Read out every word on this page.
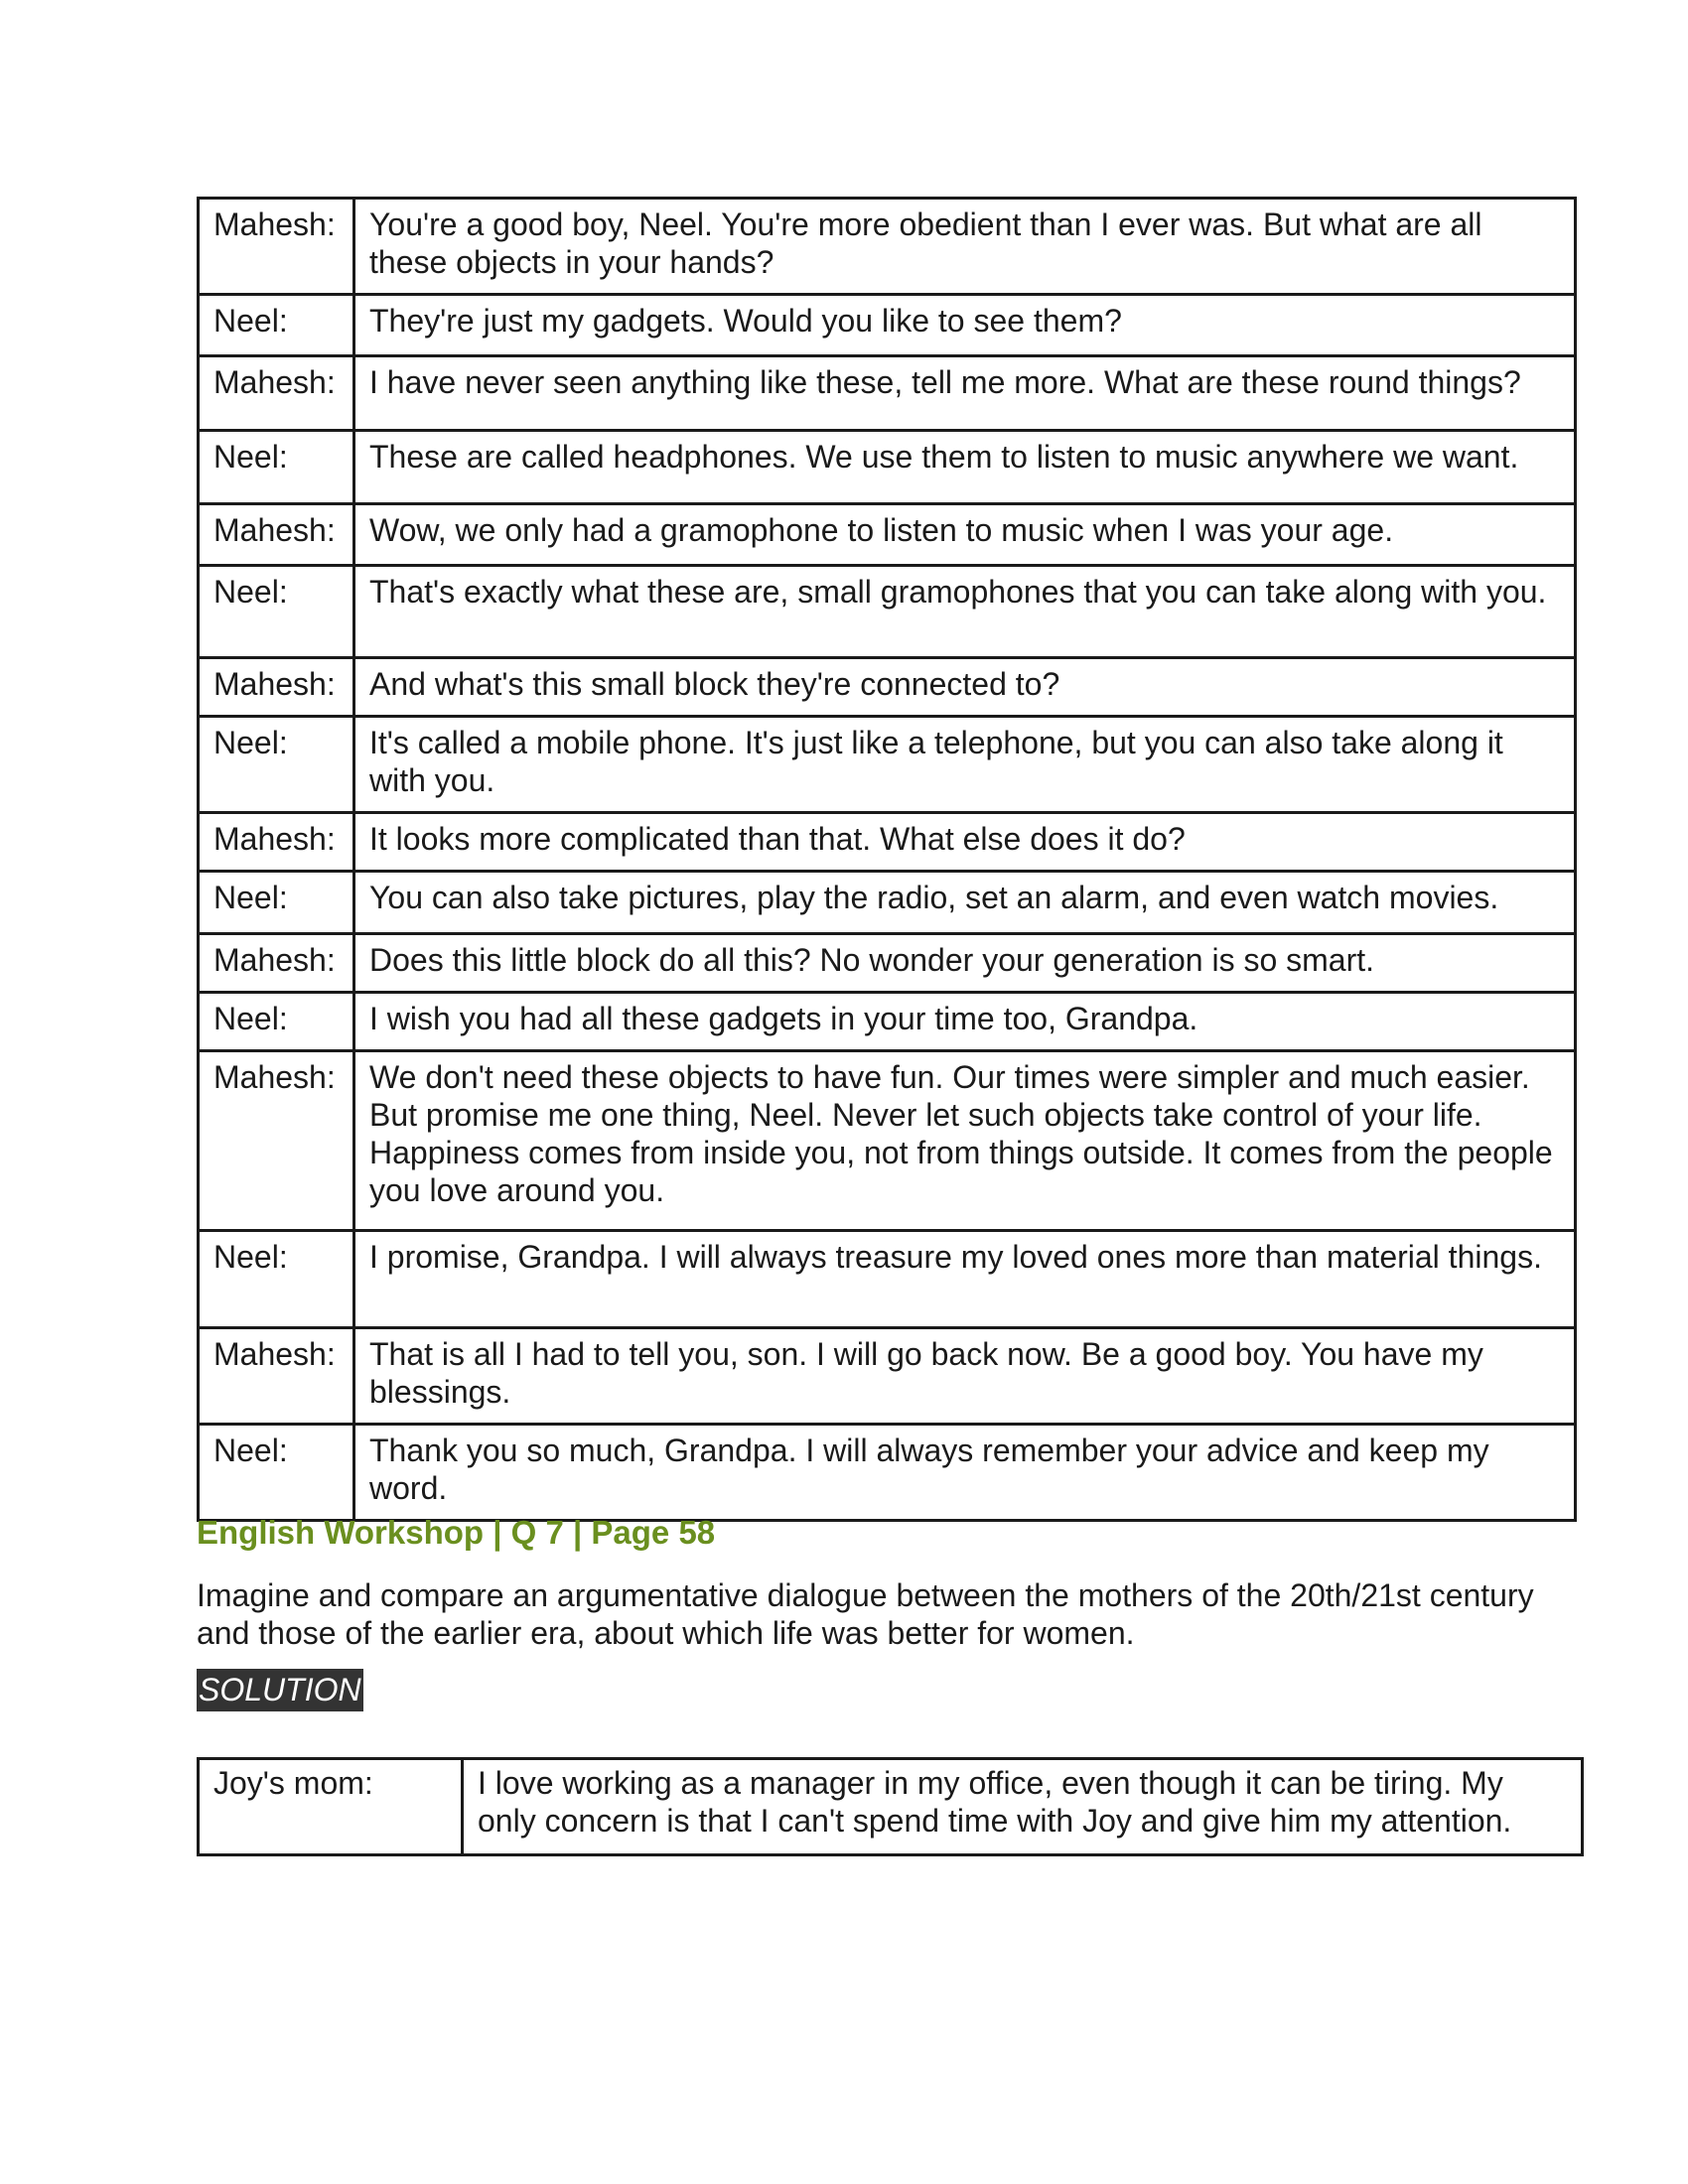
Mahesh:	You're a good boy, Neel. You're more obedient than I ever was. But what are all these objects in your hands?
Neel:	They're just my gadgets. Would you like to see them?
Mahesh:	I have never seen anything like these, tell me more. What are these round things?
Neel:	These are called headphones. We use them to listen to music anywhere we want.
Mahesh:	Wow, we only had a gramophone to listen to music when I was your age.
Neel:	That's exactly what these are, small gramophones that you can take along with you.
Mahesh:	And what's this small block they're connected to?
Neel:	It's called a mobile phone. It's just like a telephone, but you can also take along it with you.
Mahesh:	It looks more complicated than that. What else does it do?
Neel:	You can also take pictures, play the radio, set an alarm, and even watch movies.
Mahesh:	Does this little block do all this? No wonder your generation is so smart.
Neel:	I wish you had all these gadgets in your time too, Grandpa.
Mahesh:	We don't need these objects to have fun. Our times were simpler and much easier. But promise me one thing, Neel. Never let such objects take control of your life. Happiness comes from inside you, not from things outside. It comes from the people you love around you.
Neel:	I promise, Grandpa. I will always treasure my loved ones more than material things.
Mahesh:	That is all I had to tell you, son. I will go back now. Be a good boy. You have my blessings.
Neel:	Thank you so much, Grandpa. I will always remember your advice and keep my word.
English Workshop | Q 7 | Page 58
Imagine and compare an argumentative dialogue between the mothers of the 20th/21st century and those of the earlier era, about which life was better for women.
SOLUTION
Joy's mom:	I love working as a manager in my office, even though it can be tiring. My only concern is that I can't spend time with Joy and give him my attention.
